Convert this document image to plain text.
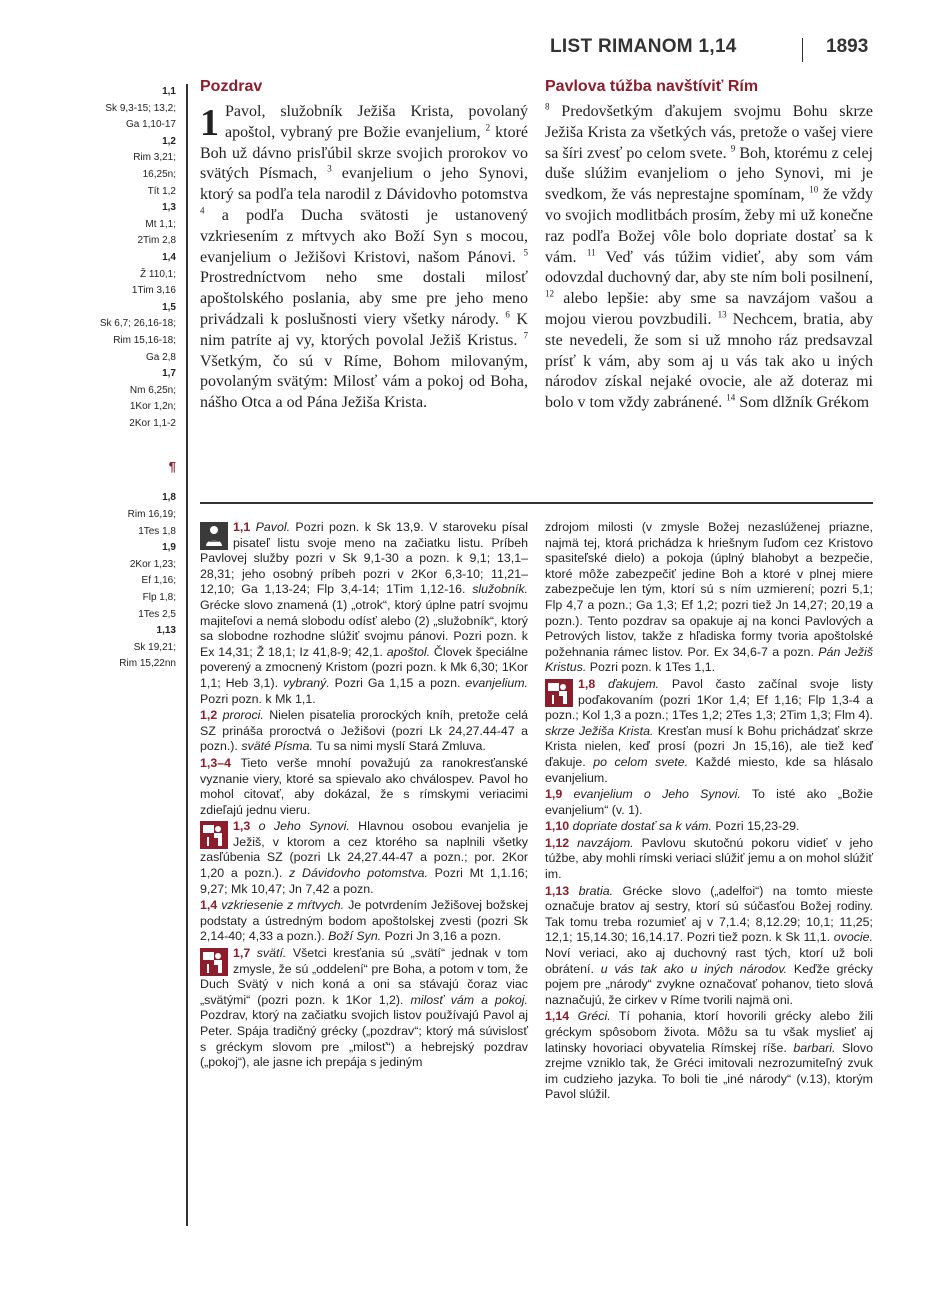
LIST RIMANOM 1,14	1893
1,1
Sk 9,3-15; 13,2;
Ga 1,10-17
1,2
Rim 3,21;
16,25n;
Tít 1,2
1,3
Mt 1,1;
2Tim 2,8
1,4
Ž 110,1;
1Tim 3,16
1,5
Sk 6,7; 26,16-18;
Rim 15,16-18;
Ga 2,8
1,7
Nm 6,25n;
1Kor 1,2n;
2Kor 1,1-2
¶
1,8
Rim 16,19;
1Tes 1,8
1,9
2Kor 1,23;
Ef 1,16;
Flp 1,8;
1Tes 2,5
1,13
Sk 19,21;
Rim 15,22nn
Pozdrav

1 Pavol, služobník Ježiša Krista, povolaný apoštol, vybraný pre Božie evanjelium, $^2$ ktoré Boh už dávno prisľúbil skrze svojich prorokov vo svätých Písmach, $^3$ evanjelium o jeho Synovi, ktorý sa podľa tela narodil z Dávidovho potomstva $^4$ a podľa Ducha svätosti je ustanovený vzkriesením z mŕtvych ako Boží Syn s mocou, evanjelium o Ježišovi Kristovi, našom Pánovi. $^5$ Prostredníctvom neho sme dostali milosť apoštolského poslania, aby sme pre jeho meno privádzali k poslušnosti viery všetky národy. $^6$ K nim patríte aj vy, ktorých povolal Ježiš Kristus. $^7$ Všetkým, čo sú v Ríme, Bohom milovaným, povolaným svätým: Milosť vám a pokoj od Boha, nášho Otca a od Pána Ježiša Krista.

Pavlova túžba navštíviť Rím

$^8$ Predovšetkým ďakujem svojmu Bohu skrze Ježiša Krista za všetkých vás, pretože o vašej viere sa šíri zvesť po celom svete. $^9$ Boh, ktorému z celej duše slúžim evanjeliom o jeho Synovi, mi je svedkom, že vás neprestajne spomínam, $^{10}$ že vždy vo svojich modlitbách prosím, žeby mi už konečne raz podľa Božej vôle bolo dopriate dostať sa k vám. $^{11}$ Veď vás túžim vidieť, aby som vám odovzdal duchovný dar, aby ste ním boli posilnení, $^{12}$ alebo lepšie: aby sme sa navzájom vašou a mojou vierou povzbudili. $^{13}$ Nechcem, bratia, aby ste nevedeli, že som si už mnoho ráz predsavzal prísť k vám, aby som aj u vás tak ako u iných národov získal nejaké ovocie, ale až doteraz mi bolo v tom vždy zabránené. $^{14}$ Som dlžník Grékom

1,1 Pavol. Pozri pozn. k Sk 13,9. V staroveku písal pisateľ listu svoje meno na začiatku listu. Príbeh Pavlovej služby pozri v Sk 9,1-30 a pozn. k 9,1; 13,1–28,31; jeho osobný príbeh pozri v 2Kor 6,3-10; 11,21–12,10; Ga 1,13-24; Flp 3,4-14; 1Tim 1,12-16. služobník. Grécke slovo znamená (1) „otrok“, ktorý úplne patrí svojmu majiteľovi a nemá slobodu odísť alebo (2) „služobník“, ktorý sa slobodne rozhodne slúžiť svojmu pánovi. Pozri pozn. k Ex 14,31; Ž 18,1; Iz 41,8-9; 42,1. apoštol. Človek špeciálne poverený a zmocnený Kristom (pozri pozn. k Mk 6,30; 1Kor 1,1; Heb 3,1). vybraný. Pozri Ga 1,15 a pozn. evanjelium. Pozri pozn. k Mk 1,1.

1,2 proroci. Nielen pisatelia prorockých kníh, pretože celá SZ prináša proroctvá o Ježišovi (pozri Lk 24,27.44-47 a pozn.). sväté Písma. Tu sa nimi myslí Stará Zmluva.

1,3–4 Tieto verše mnohí považujú za ranokresťanské vyznanie viery, ktoré sa spievalo ako chválospev. Pavol ho mohol citovať, aby dokázal, že s rímskymi veriacimi zdieľajú jednu vieru.

1,3 o Jeho Synovi. Hlavnou osobou evanjelia je Ježiš, v ktorom a cez ktorého sa naplnili všetky zasľúbenia SZ (pozri Lk 24,27.44-47 a pozn.; por. 2Kor 1,20 a pozn.). z Dávidovho potomstva. Pozri Mt 1,1.16; 9,27; Mk 10,47; Jn 7,42 a pozn.

1,4 vzkriesenie z mŕtvych. Je potvrdením Ježišovej božskej podstaty a ústredným bodom apoštolskej zvesti (pozri Sk 2,14-40; 4,33 a pozn.). Boží Syn. Pozri Jn 3,16 a pozn.

1,7 svätí. Všetci kresťania sú „svätí“ jednak v tom zmysle, že sú „oddelení“ pre Boha, a potom v tom, že Duch Svätý v nich koná a oni sa stávajú čoraz viac „svätými“ (pozri pozn. k 1Kor 1,2). milosť vám a pokoj. Pozdrav, ktorý na začiatku svojich listov používajú Pavol aj Peter. Spája tradičný grécky („pozdrav“; ktorý má súvislosť s gréckym slovom pre „milosť“) a hebrejský pozdrav („pokoj“), ale jasne ich prepája s jediným

zdrojom milosti (v zmysle Božej nezaslúženej priazne, najmä tej, ktorá prichádza k hriešnym ľuďom cez Kristovo spasiteľské dielo) a pokoja (úplný blahobyt a bezpečie, ktoré môže zabezpečiť jedine Boh a ktoré v plnej miere zabezpečuje len tým, ktorí sú s ním uzmierení; pozri 5,1; Flp 4,7 a pozn.; Ga 1,3; Ef 1,2; pozri tiež Jn 14,27; 20,19 a pozn.). Tento pozdrav sa opakuje aj na konci Pavlových a Petrových listov, takže z hľadiska formy tvoria apoštolské požehnania rámec listov. Por. Ex 34,6-7 a pozn. Pán Ježiš Kristus. Pozri pozn. k 1Tes 1,1.

1,8 ďakujem. Pavol často začínal svoje listy poďakovaním (pozri 1Kor 1,4; Ef 1,16; Flp 1,3-4 a pozn.; Kol 1,3 a pozn.; 1Tes 1,2; 2Tes 1,3; 2Tim 1,3; Flm 4). skrze Ježiša Krista. Kresťan musí k Bohu prichádzať skrze Krista nielen, keď prosí (pozri Jn 15,16), ale tiež keď ďakuje. po celom svete. Každé miesto, kde sa hlásalo evanjelium.

1,9 evanjelium o Jeho Synovi. To isté ako „Božie evanjelium“ (v. 1).

1,10 dopriate dostať sa k vám. Pozri 15,23-29.

1,12 navzájom. Pavlovu skutočnú pokoru vidieť v jeho túžbe, aby mohli rímski veriaci slúžiť jemu a on mohol slúžiť im.

1,13 bratia. Grécke slovo („adelfoi“) na tomto mieste označuje bratov aj sestry, ktorí sú súčasťou Božej rodiny. Tak tomu treba rozumieť aj v 7,1.4; 8,12.29; 10,1; 11,25; 12,1; 15,14.30; 16,14.17. Pozri tiež pozn. k Sk 11,1. ovocie. Noví veriaci, ako aj duchovný rast tých, ktorí už boli obrátení. u vás tak ako u iných národov. Keďže grécky pojem pre „národy“ zvykne označovať pohanov, tieto slová naznačujú, že cirkev v Ríme tvorili najmä oni.

1,14 Gréci. Tí pohania, ktorí hovorili grécky alebo žili gréckym spôsobom života. Môžu sa tu však myslieť aj latinsky hovoriaci obyvatelia Rímskej ríše. barbari. Slovo zrejme vzniklo tak, že Gréci imitovali nezrozumiteľný zvuk im cudzieho jazyka. To boli tie „iné národy“ (v.13), ktorým Pavol slúžil.
